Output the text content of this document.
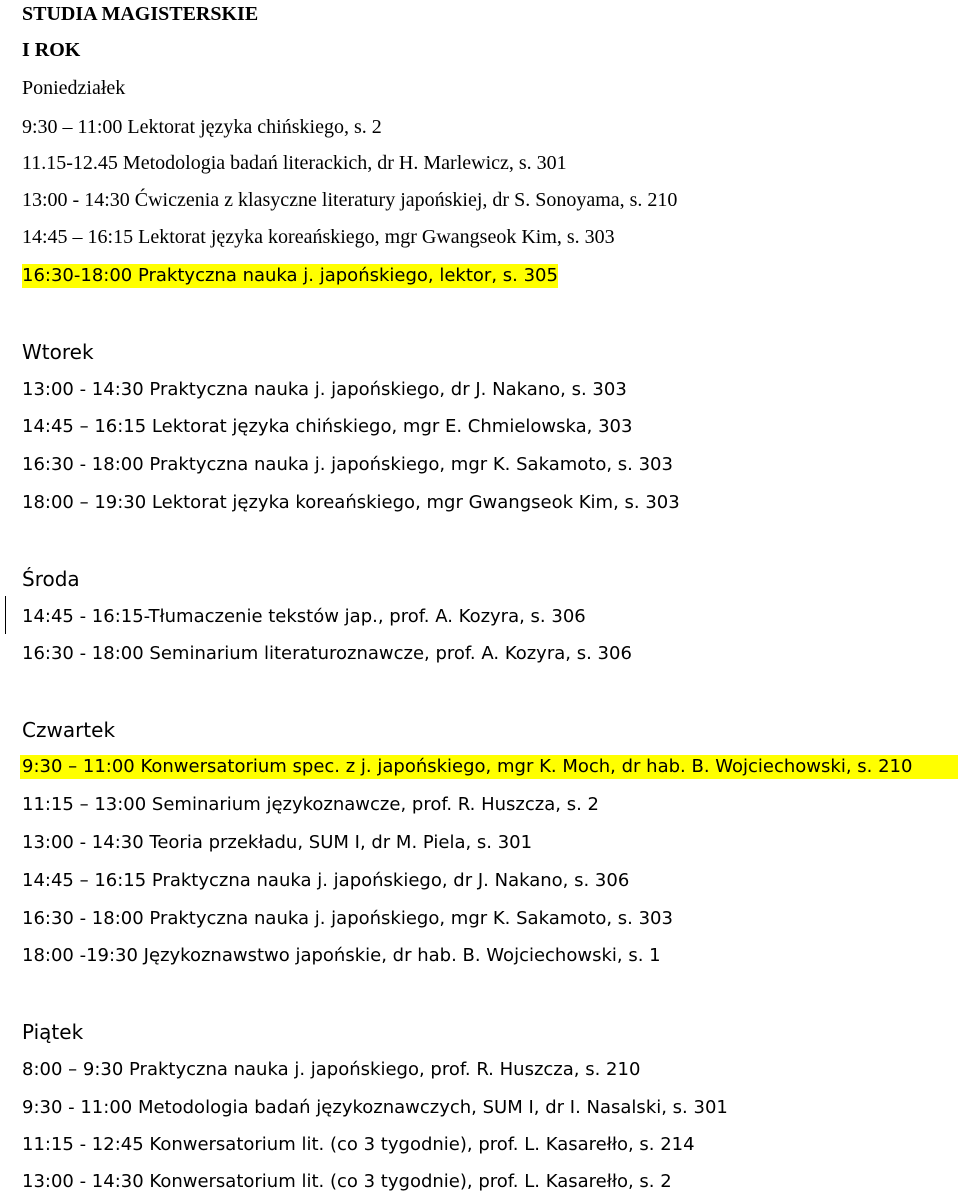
STUDIA MAGISTERSKIE
I ROK
Poniedziałek
9:30 – 11:00 Lektorat języka chińskiego, s. 2
11.15-12.45 Metodologia badań literackich, dr H. Marlewicz, s. 301
13:00 - 14:30 Ćwiczenia z klasyczne literatury japońskiej, dr S. Sonoyama, s. 210
14:45 – 16:15 Lektorat języka koreańskiego, mgr Gwangseok Kim, s. 303
16:30-18:00 Praktyczna nauka j. japońskiego, lektor, s. 305
Wtorek
13:00 - 14:30 Praktyczna nauka j. japońskiego, dr J. Nakano, s. 303
14:45 – 16:15 Lektorat języka chińskiego, mgr E. Chmielowska, 303
16:30 - 18:00 Praktyczna nauka j. japońskiego, mgr K. Sakamoto, s. 303
18:00 – 19:30 Lektorat języka koreańskiego, mgr Gwangseok Kim, s. 303
Środa
14:45 - 16:15-Tłumaczenie tekstów jap., prof. A. Kozyra, s. 306
16:30 - 18:00 Seminarium literaturoznawcze, prof. A. Kozyra, s. 306
Czwartek
9:30 – 11:00 Konwersatorium spec. z j. japońskiego, mgr K. Moch, dr hab. B. Wojciechowski, s. 210
11:15 – 13:00 Seminarium językoznawcze, prof. R. Huszcza, s. 2
13:00 - 14:30 Teoria przekładu, SUM I, dr M. Piela, s. 301
14:45 – 16:15 Praktyczna nauka j. japońskiego, dr J. Nakano, s. 306
16:30 - 18:00 Praktyczna nauka j. japońskiego, mgr K. Sakamoto, s. 303
18:00 -19:30 Językoznawstwo japońskie, dr hab. B. Wojciechowski, s. 1
Piątek
8:00 – 9:30 Praktyczna nauka j. japońskiego, prof. R. Huszcza, s. 210
9:30 - 11:00 Metodologia badań językoznawczych, SUM I, dr I. Nasalski, s. 301
11:15 - 12:45 Konwersatorium lit. (co 3 tygodnie), prof. L. Kasarełło, s. 214
13:00 - 14:30 Konwersatorium lit. (co 3 tygodnie), prof. L. Kasarełło, s. 2
